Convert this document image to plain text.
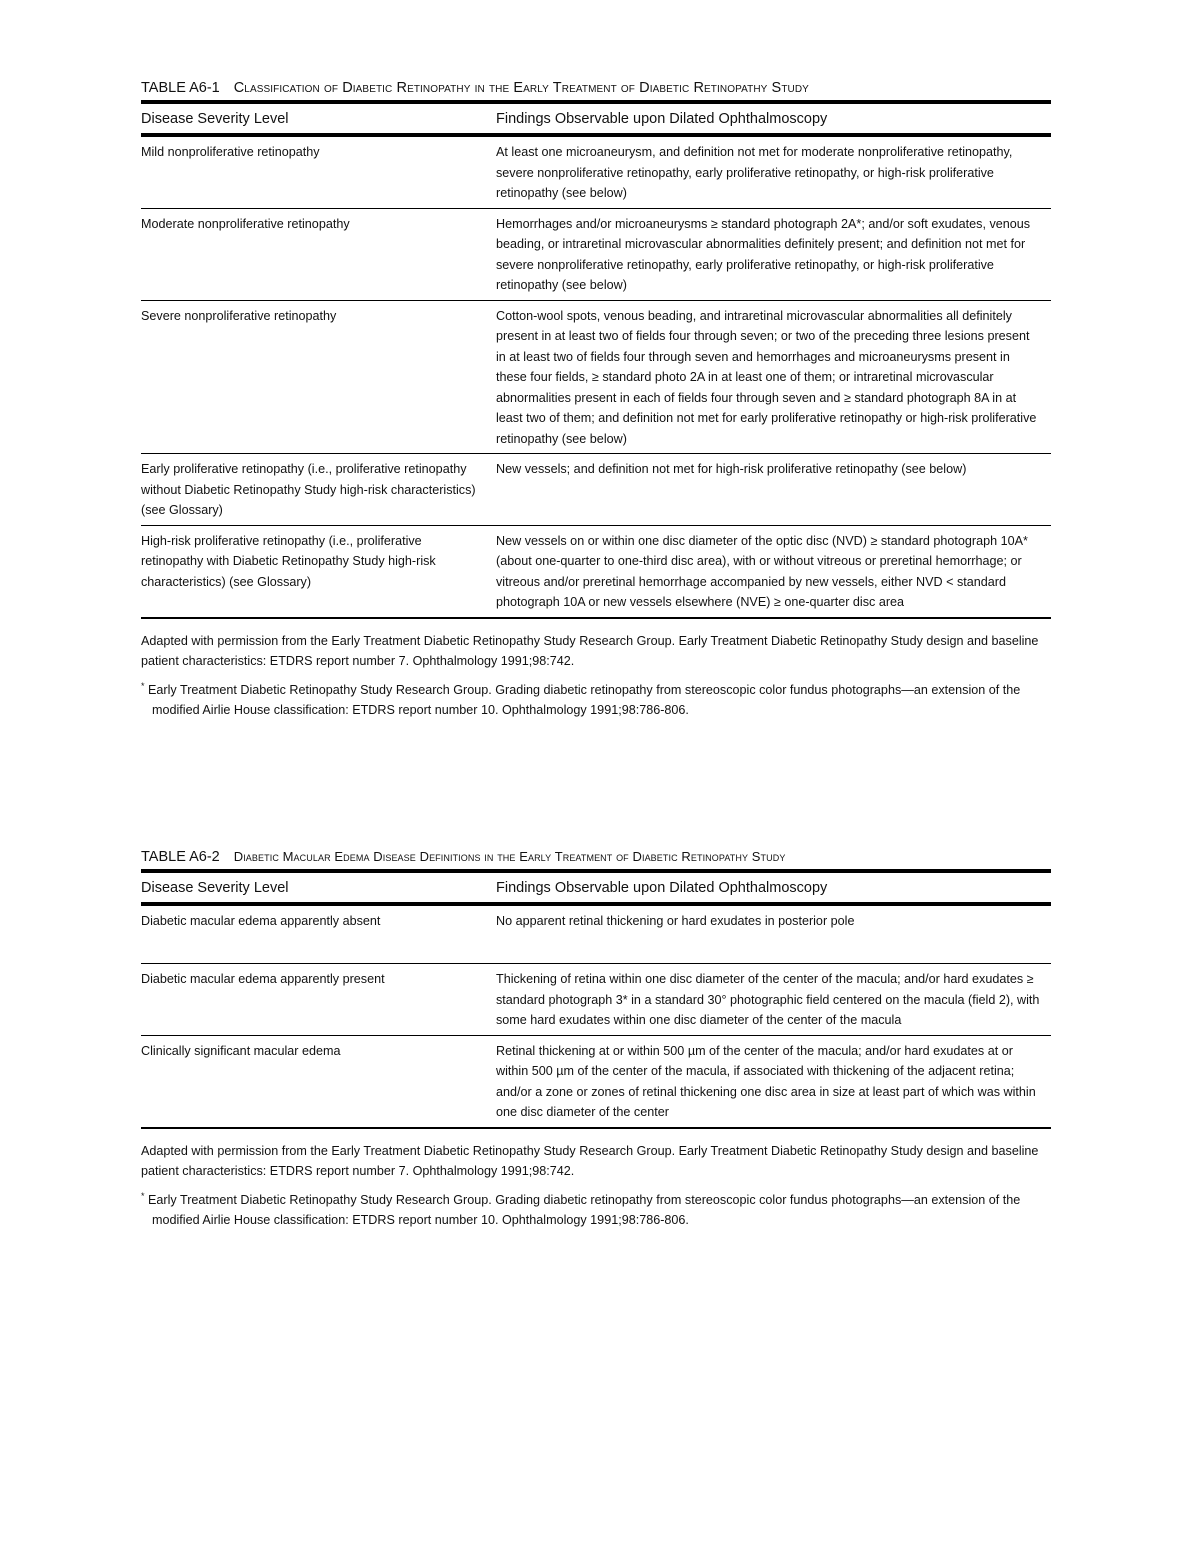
TABLE A6-1 Classification of Diabetic Retinopathy in the Early Treatment of Diabetic Retinopathy Study

Disease Severity Level	Findings Observable upon Dilated Ophthalmoscopy
Mild nonproliferative retinopathy	At least one microaneurysm, and definition not met for moderate nonproliferative retinopathy, severe nonproliferative retinopathy, early proliferative retinopathy, or high-risk proliferative retinopathy (see below)
Moderate nonproliferative retinopathy	Hemorrhages and/or microaneurysms ≥ standard photograph 2A*; and/or soft exudates, venous beading, or intraretinal microvascular abnormalities definitely present; and definition not met for severe nonproliferative retinopathy, early proliferative retinopathy, or high-risk proliferative retinopathy (see below)
Severe nonproliferative retinopathy	Cotton-wool spots, venous beading, and intraretinal microvascular abnormalities all definitely present in at least two of fields four through seven; or two of the preceding three lesions present in at least two of fields four through seven and hemorrhages and microaneurysms present in these four fields, ≥ standard photo 2A in at least one of them; or intraretinal microvascular abnormalities present in each of fields four through seven and ≥ standard photograph 8A in at least two of them; and definition not met for early proliferative retinopathy or high-risk proliferative retinopathy (see below)
Early proliferative retinopathy (i.e., proliferative retinopathy without Diabetic Retinopathy Study high-risk characteristics) (see Glossary)	New vessels; and definition not met for high-risk proliferative retinopathy (see below)
High-risk proliferative retinopathy (i.e., proliferative retinopathy with Diabetic Retinopathy Study high-risk characteristics) (see Glossary)	New vessels on or within one disc diameter of the optic disc (NVD) ≥ standard photograph 10A* (about one-quarter to one-third disc area), with or without vitreous or preretinal hemorrhage; or vitreous and/or preretinal hemorrhage accompanied by new vessels, either NVD < standard photograph 10A or new vessels elsewhere (NVE) ≥ one-quarter disc area

Adapted with permission from the Early Treatment Diabetic Retinopathy Study Research Group. Early Treatment Diabetic Retinopathy Study design and baseline patient characteristics: ETDRS report number 7. Ophthalmology 1991;98:742.

* Early Treatment Diabetic Retinopathy Study Research Group. Grading diabetic retinopathy from stereoscopic color fundus photographs—an extension of the modified Airlie House classification: ETDRS report number 10. Ophthalmology 1991;98:786-806.

TABLE A6-2 Diabetic Macular Edema Disease Definitions in the Early Treatment of Diabetic Retinopathy Study

Disease Severity Level	Findings Observable upon Dilated Ophthalmoscopy
Diabetic macular edema apparently absent	No apparent retinal thickening or hard exudates in posterior pole
Diabetic macular edema apparently present	Thickening of retina within one disc diameter of the center of the macula; and/or hard exudates ≥ standard photograph 3* in a standard 30° photographic field centered on the macula (field 2), with some hard exudates within one disc diameter of the center of the macula
Clinically significant macular edema	Retinal thickening at or within 500 µm of the center of the macula; and/or hard exudates at or within 500 µm of the center of the macula, if associated with thickening of the adjacent retina; and/or a zone or zones of retinal thickening one disc area in size at least part of which was within one disc diameter of the center

Adapted with permission from the Early Treatment Diabetic Retinopathy Study Research Group. Early Treatment Diabetic Retinopathy Study design and baseline patient characteristics: ETDRS report number 7. Ophthalmology 1991;98:742.

* Early Treatment Diabetic Retinopathy Study Research Group. Grading diabetic retinopathy from stereoscopic color fundus photographs—an extension of the modified Airlie House classification: ETDRS report number 10. Ophthalmology 1991;98:786-806.
